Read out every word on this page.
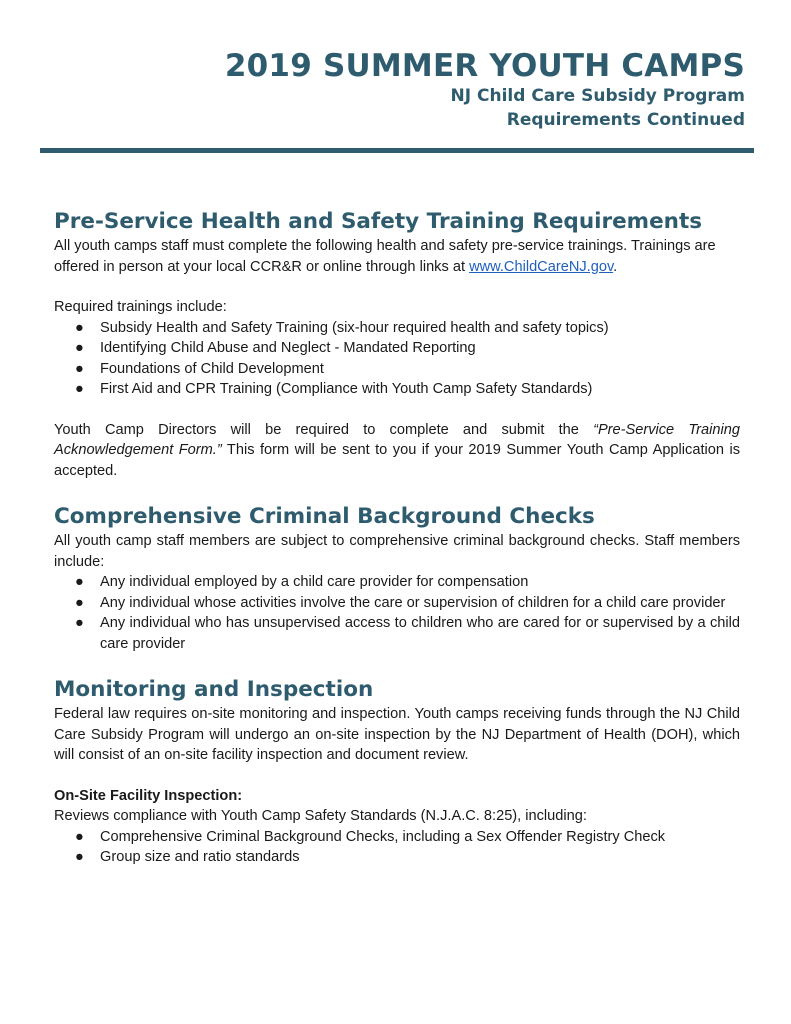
2019 SUMMER YOUTH CAMPS
NJ Child Care Subsidy Program
Requirements Continued
Pre-Service Health and Safety Training Requirements

All youth camps staff must complete the following health and safety pre-service trainings. Trainings are offered in person at your local CCR&R or online through links at www.ChildCareNJ.gov.

Required trainings include:

● Subsidy Health and Safety Training (six-hour required health and safety topics)
● Identifying Child Abuse and Neglect - Mandated Reporting
● Foundations of Child Development
● First Aid and CPR Training (Compliance with Youth Camp Safety Standards)

Youth Camp Directors will be required to complete and submit the “Pre-Service Training Acknowledgement Form.” This form will be sent to you if your 2019 Summer Youth Camp Application is accepted.

Comprehensive Criminal Background Checks

All youth camp staff members are subject to comprehensive criminal background checks. Staff members include:

● Any individual employed by a child care provider for compensation
● Any individual whose activities involve the care or supervision of children for a child care provider
● Any individual who has unsupervised access to children who are cared for or supervised by a child care provider
Monitoring and Inspection

Federal law requires on-site monitoring and inspection. Youth camps receiving funds through the NJ Child Care Subsidy Program will undergo an on-site inspection by the NJ Department of Health (DOH), which will consist of an on-site facility inspection and document review.

On-Site Facility Inspection:

Reviews compliance with Youth Camp Safety Standards (N.J.A.C. 8:25), including:

● Comprehensive Criminal Background Checks, including a Sex Offender Registry Check
● Group size and ratio standards
